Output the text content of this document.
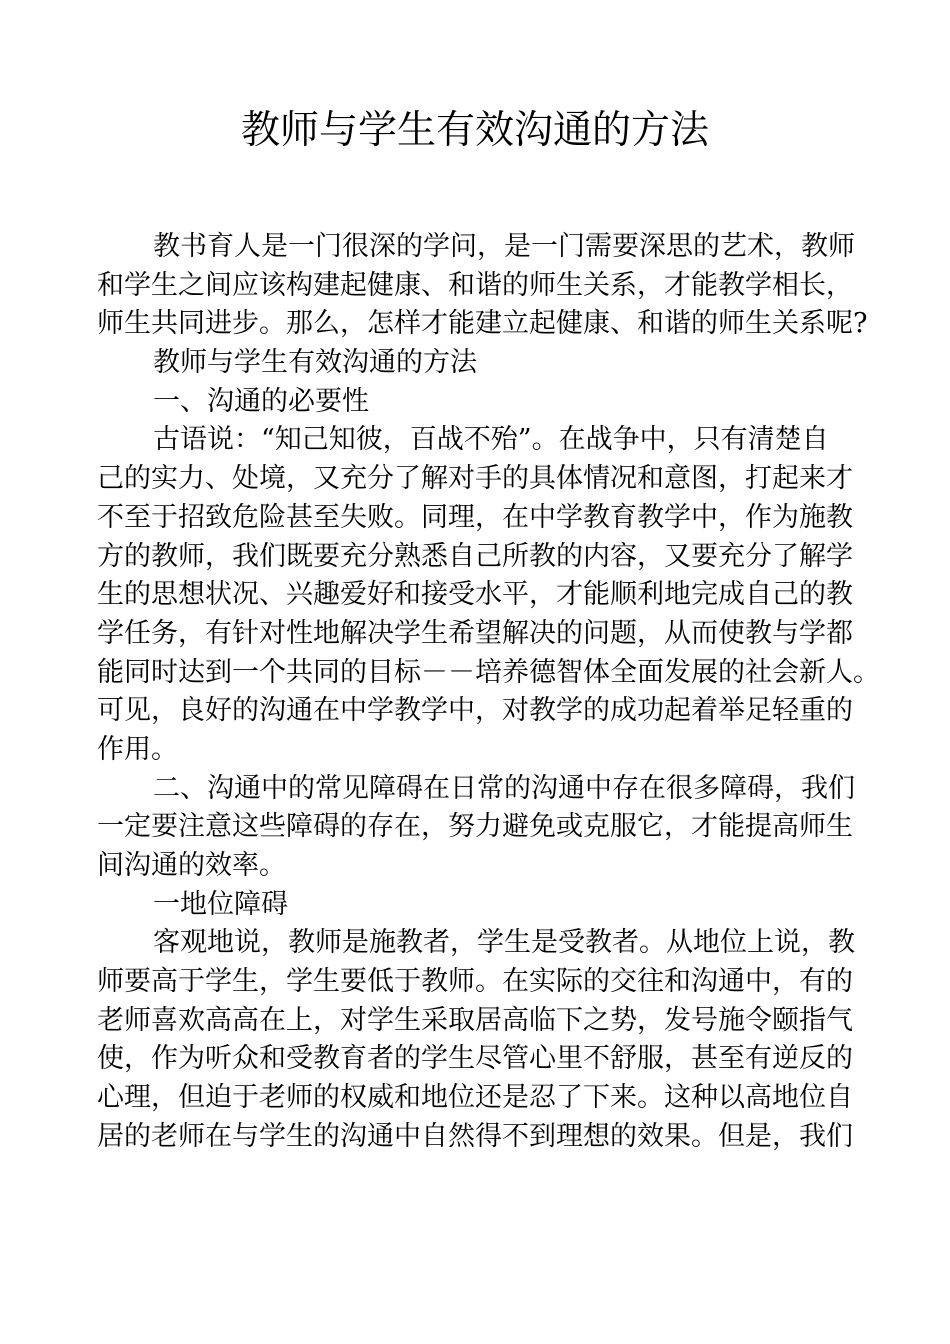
教师与学生有效沟通的方法
教书育人是一门很深的学问，是一门需要深思的艺术，教师
和学生之间应该构建起健康、和谐的师生关系，才能教学相长，
师生共同进步。那么，怎样才能建立起健康、和谐的师生关系呢?
教师与学生有效沟通的方法
一、沟通的必要性
古语说：“知己知彼，百战不殆”。在战争中，只有清楚自
己的实力、处境，又充分了解对手的具体情况和意图，打起来才
不至于招致危险甚至失败。同理，在中学教育教学中，作为施教
方的教师，我们既要充分熟悉自己所教的内容，又要充分了解学
生的思想状况、兴趣爱好和接受水平，才能顺利地完成自己的教
学任务，有针对性地解决学生希望解决的问题，从而使教与学都
能同时达到一个共同的目标－－培养德智体全面发展的社会新人。
可见，良好的沟通在中学教学中，对教学的成功起着举足轻重的
作用。
二、沟通中的常见障碍在日常的沟通中存在很多障碍，我们
一定要注意这些障碍的存在，努力避免或克服它，才能提高师生
间沟通的效率。
一地位障碍
客观地说，教师是施教者，学生是受教者。从地位上说，教
师要高于学生，学生要低于教师。在实际的交往和沟通中，有的
老师喜欢高高在上，对学生采取居高临下之势，发号施令颐指气
使，作为听众和受教育者的学生尽管心里不舒服，甚至有逆反的
心理，但迫于老师的权威和地位还是忍了下来。这种以高地位自
居的老师在与学生的沟通中自然得不到理想的效果。但是，我们
